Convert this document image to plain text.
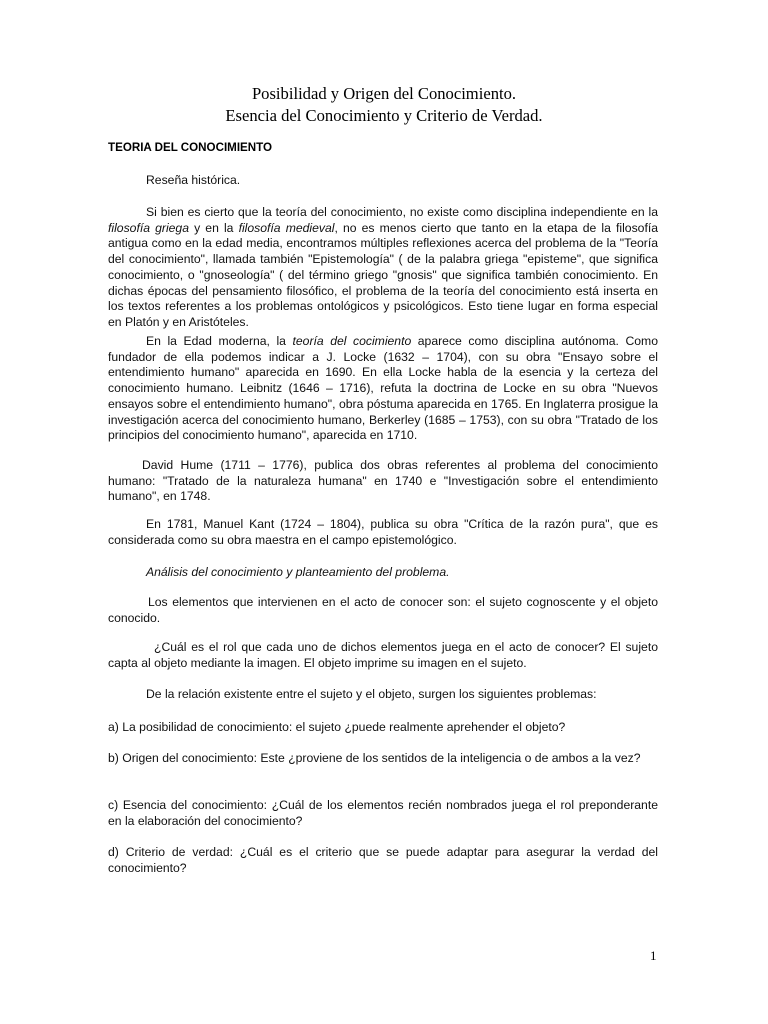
Posibilidad y Origen del Conocimiento.
Esencia del Conocimiento y Criterio de Verdad.
TEORIA DEL CONOCIMIENTO

Reseña histórica.

Si bien es cierto que la teoría del conocimiento, no existe como disciplina independiente en la filosofía griega y en la filosofía medieval, no es menos cierto que tanto en la etapa de la filosofía antigua como en la edad media, encontramos múltiples reflexiones acerca del problema de la "Teoría del conocimiento", llamada también "Epistemología" ( de la palabra griega "episteme", que significa conocimiento, o "gnoseología" ( del término griego "gnosis" que significa también conocimiento. En dichas épocas del pensamiento filosófico, el problema de la teoría del conocimiento está inserta en los textos referentes a los problemas ontológicos y psicológicos. Esto tiene lugar en forma especial en Platón y en Aristóteles.

En la Edad moderna, la teoría del cocimiento aparece como disciplina autónoma. Como fundador de ella podemos indicar a J. Locke (1632 – 1704), con su obra "Ensayo sobre el entendimiento humano" aparecida en 1690. En ella Locke habla de la esencia y la certeza del conocimiento humano. Leibnitz (1646 – 1716), refuta la doctrina de Locke en su obra "Nuevos ensayos sobre el entendimiento humano", obra póstuma aparecida en 1765. En Inglaterra prosigue la investigación acerca del conocimiento humano, Berkerley (1685 – 1753), con su obra "Tratado de los principios del conocimiento humano", aparecida en 1710.

David Hume (1711 – 1776), publica dos obras referentes al problema del conocimiento humano: "Tratado de la naturaleza humana" en 1740 e "Investigación sobre el entendimiento humano", en 1748.

En 1781, Manuel Kant (1724 – 1804), publica su obra "Crítica de la razón pura", que es considerada como su obra maestra en el campo epistemológico.

Análisis del conocimiento y planteamiento del problema.

Los elementos que intervienen en el acto de conocer son: el sujeto cognoscente y el objeto conocido.

¿Cuál es el rol que cada uno de dichos elementos juega en el acto de conocer? El sujeto capta al objeto mediante la imagen. El objeto imprime su imagen en el sujeto.

De la relación existente entre el sujeto y el objeto, surgen los siguientes problemas:

a) La posibilidad de conocimiento: el sujeto ¿puede realmente aprehender el objeto?

b) Origen del conocimiento: Este ¿proviene de los sentidos de la inteligencia o de ambos a la vez?

c) Esencia del conocimiento: ¿Cuál de los elementos recién nombrados juega el rol preponderante en la elaboración del conocimiento?

d) Criterio de verdad: ¿Cuál es el criterio que se puede adaptar para asegurar la verdad del conocimiento?

1
